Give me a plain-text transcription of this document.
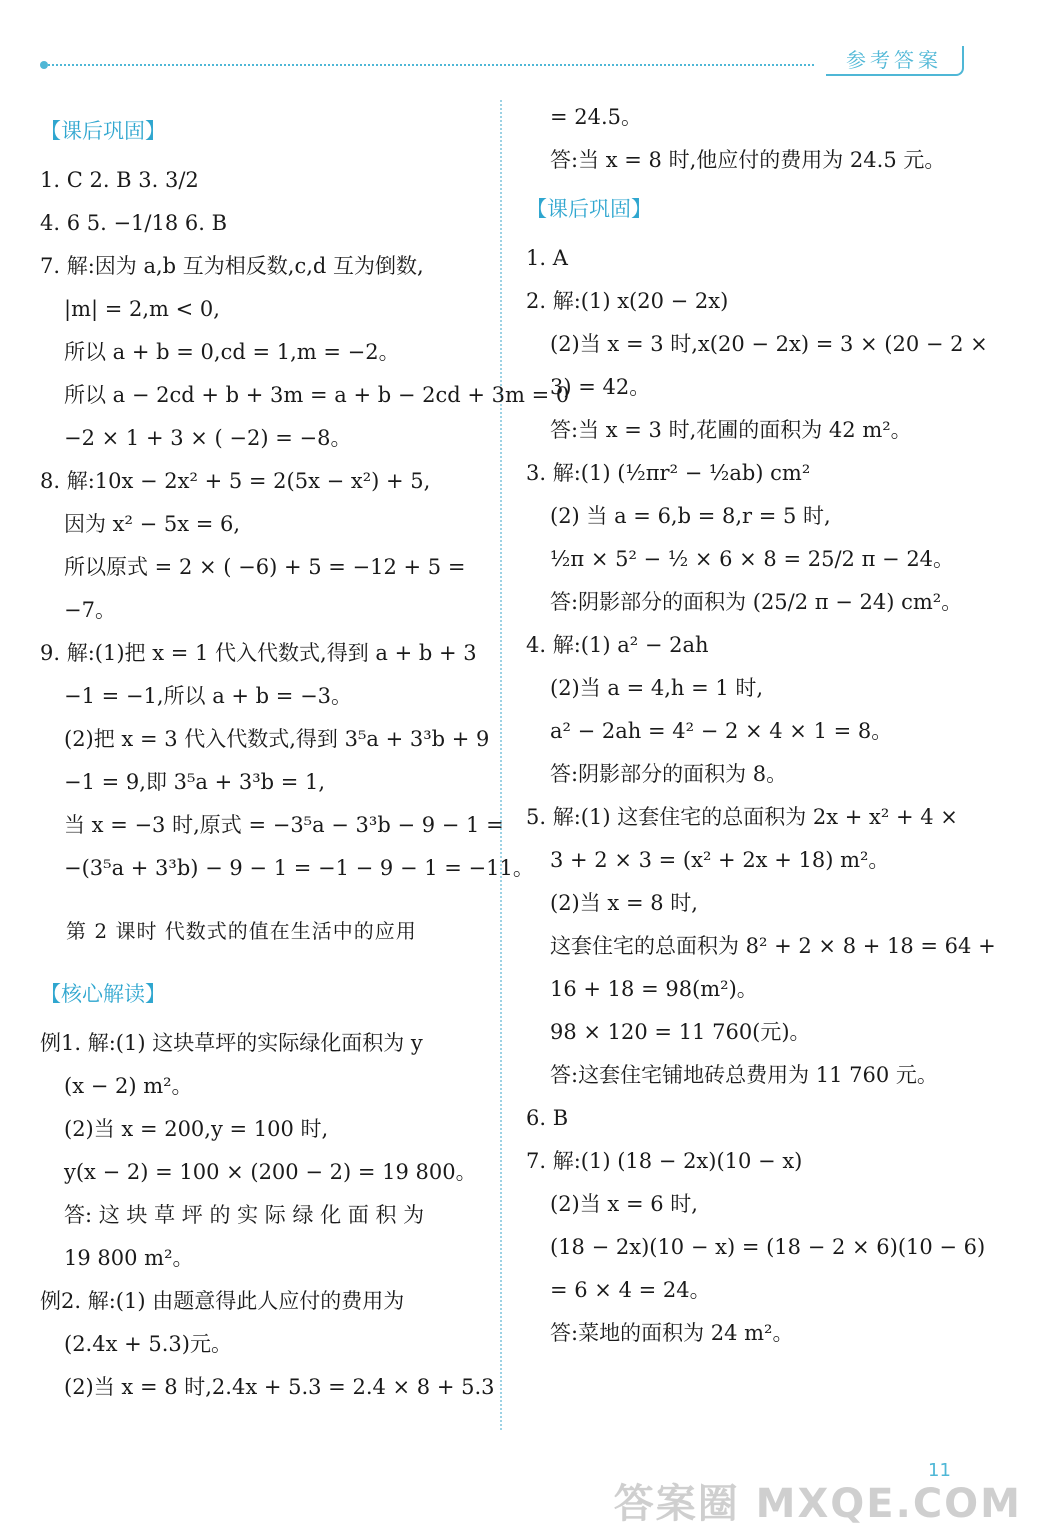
参考答案
【课后巩固】
1. C 2. B 3. 3/2
4. 6 5. −1/18 6. B
7. 解:因为 a,b 互为相反数,c,d 互为倒数,
|m| = 2,m < 0,
所以 a + b = 0,cd = 1,m = −2。
所以 a − 2cd + b + 3m = a + b − 2cd + 3m = 0
−2 × 1 + 3 × ( −2) = −8。
8. 解:10x − 2x² + 5 = 2(5x − x²) + 5,
因为 x² − 5x = 6,
所以原式 = 2 × ( −6) + 5 = −12 + 5 =
−7。
9. 解:(1)把 x = 1 代入代数式,得到 a + b + 3
−1 = −1,所以 a + b = −3。
(2)把 x = 3 代入代数式,得到 3⁵a + 3³b + 9
−1 = 9,即 3⁵a + 3³b = 1,
当 x = −3 时,原式 = −3⁵a − 3³b − 9 − 1 =
−(3⁵a + 3³b) − 9 − 1 = −1 − 9 − 1 = −11。
第 2 课时 代数式的值在生活中的应用
【核心解读】
例1. 解:(1) 这块草坪的实际绿化面积为 y
(x − 2) m²。
(2)当 x = 200,y = 100 时,
y(x − 2) = 100 × (200 − 2) = 19 800。
答: 这 块 草 坪 的 实 际 绿 化 面 积 为
19 800 m²。
例2. 解:(1) 由题意得此人应付的费用为
(2.4x + 5.3)元。
(2)当 x = 8 时,2.4x + 5.3 = 2.4 × 8 + 5.3
= 24.5。
答:当 x = 8 时,他应付的费用为 24.5 元。
【课后巩固】
1. A
2. 解:(1) x(20 − 2x)
(2)当 x = 3 时,x(20 − 2x) = 3 × (20 − 2 ×
3) = 42。
答:当 x = 3 时,花圃的面积为 42 m²。
3. 解:(1) (½πr² − ½ab) cm²
(2) 当 a = 6,b = 8,r = 5 时,
½π × 5² − ½ × 6 × 8 = 25/2 π − 24。
答:阴影部分的面积为 (25/2 π − 24) cm²。
4. 解:(1) a² − 2ah
(2)当 a = 4,h = 1 时,
a² − 2ah = 4² − 2 × 4 × 1 = 8。
答:阴影部分的面积为 8。
5. 解:(1) 这套住宅的总面积为 2x + x² + 4 ×
3 + 2 × 3 = (x² + 2x + 18) m²。
(2)当 x = 8 时,
这套住宅的总面积为 8² + 2 × 8 + 18 = 64 +
16 + 18 = 98(m²)。
98 × 120 = 11 760(元)。
答:这套住宅铺地砖总费用为 11 760 元。
6. B
7. 解:(1) (18 − 2x)(10 − x)
(2)当 x = 6 时,
(18 − 2x)(10 − x) = (18 − 2 × 6)(10 − 6)
= 6 × 4 = 24。
答:菜地的面积为 24 m²。
11
答案圈 MXQE.COM
